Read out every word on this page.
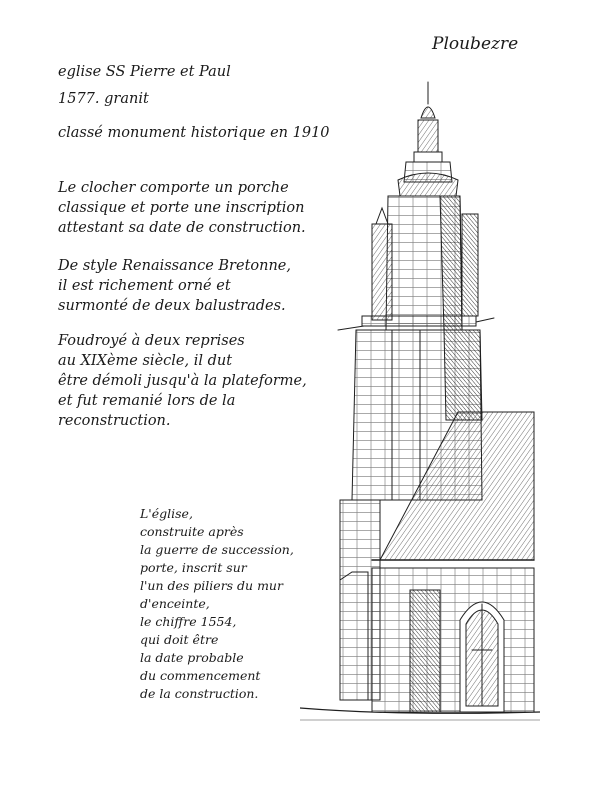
Ploubezre
eglise SS Pierre et Paul
1577. granit
classé monument historique en 1910
Le clocher comporte un porche
classique et porte une inscription
attestant sa date de construction.
De style Renaissance Bretonne,
il est richement orné et
surmonté de deux balustrades.
Foudroyé à deux reprises
au XIXème siècle, il dut
être démoli jusqu'à la plateforme,
et fut remanié lors de la
reconstruction.
L'église,
construite après
la guerre de succession,
porte, inscrit sur
l'un des piliers du mur
d'enceinte,
le chiffre 1554,
qui doit être
la date probable
du commencement
de la construction.
